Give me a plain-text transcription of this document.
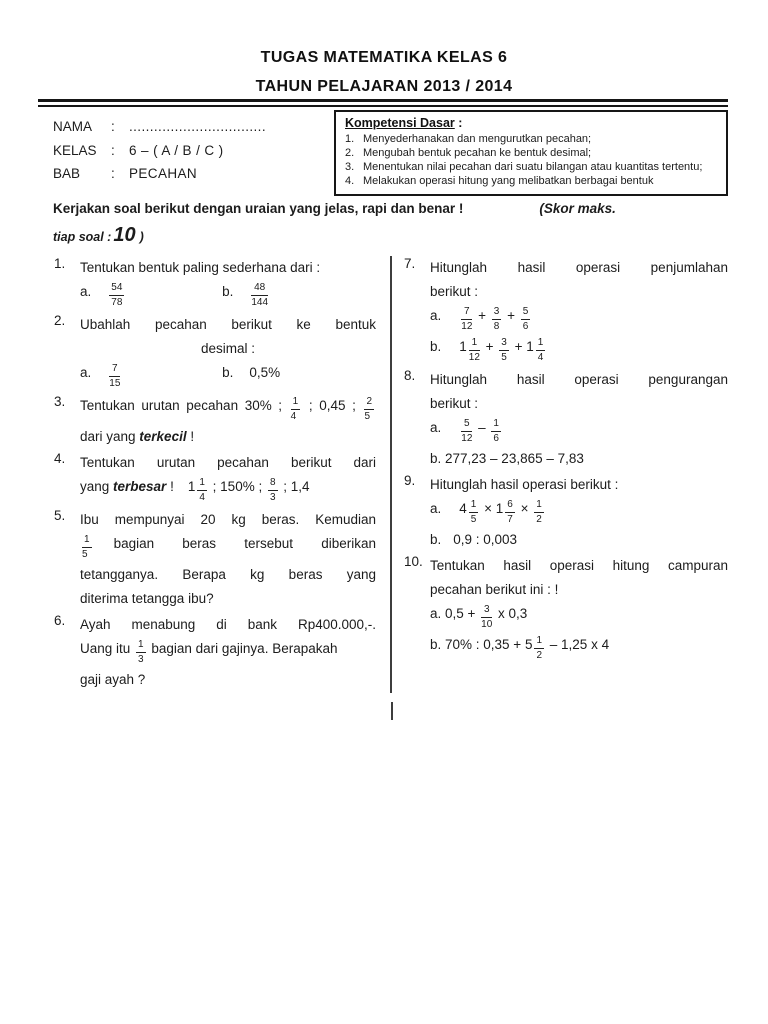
TUGAS MATEMATIKA KELAS 6
TAHUN PELAJARAN 2013 / 2014
NAMA	:	.................................
KELAS	:	6 – ( A / B / C )
BAB	:	PECAHAN
Kompetensi Dasar :
1. Menyederhanakan dan mengurutkan pecahan;
2. Mengubah bentuk pecahan ke bentuk desimal;
3. Menentukan nilai pecahan dari suatu bilangan atau kuantitas tertentu;
4. Melakukan operasi hitung yang melibatkan berbagai bentuk
Kerjakan soal berikut dengan uraian yang jelas, rapi dan benar !	(Skor maks.
tiap soal : 10 )
1.	Tentukan bentuk paling sederhana dari :
a. $\frac{54}{78}$	b. $\frac{48}{144}$
2.	Ubahlah pecahan berikut ke bentuk
desimal :
a. $\frac{7}{15}$	b. 0,5%
3.	Tentukan urutan pecahan 30% ; $\frac{1}{4}$ ; 0,45 ; $\frac{2}{5}$
dari yang terkecil !
4.	Tentukan urutan pecahan berikut dari
yang terbesar ! $1 \frac{1}{4}$ ; 150% ; $\frac{8}{3}$ ; 1,4
5.	Ibu mempunyai 20 kg beras. Kemudian
$\frac{1}{5}$ bagian beras tersebut diberikan
tetangganya. Berapa kg beras yang
diterima tetangga ibu?
6.	Ayah menabung di bank Rp400.000,-.
Uang itu $\frac{1}{3}$ bagian dari gajinya. Berapakah
gaji ayah ?
7.	Hitunglah hasil operasi penjumlahan
berikut :
a. $\frac{7}{12} + \frac{3}{8} + \frac{5}{6}$
b. $1 \frac{1}{12} + \frac{3}{5} + 1 \frac{1}{4}$
8.	Hitunglah hasil operasi pengurangan
berikut :
a. $\frac{5}{12} - \frac{1}{6}$
b. 277,23 – 23,865 – 7,83
9.	Hitunglah hasil operasi berikut :
a. $4 \frac{1}{5} \times 1 \frac{6}{7} \times \frac{1}{2}$
b. 0,9 : 0,003
10. Tentukan hasil operasi hitung campuran
pecahan berikut ini : !
a. $0,5 + \frac{3}{10}$ x 0,3
b. 70% : $0,35 + 5 \frac{1}{2} - 1,25$ x 4
